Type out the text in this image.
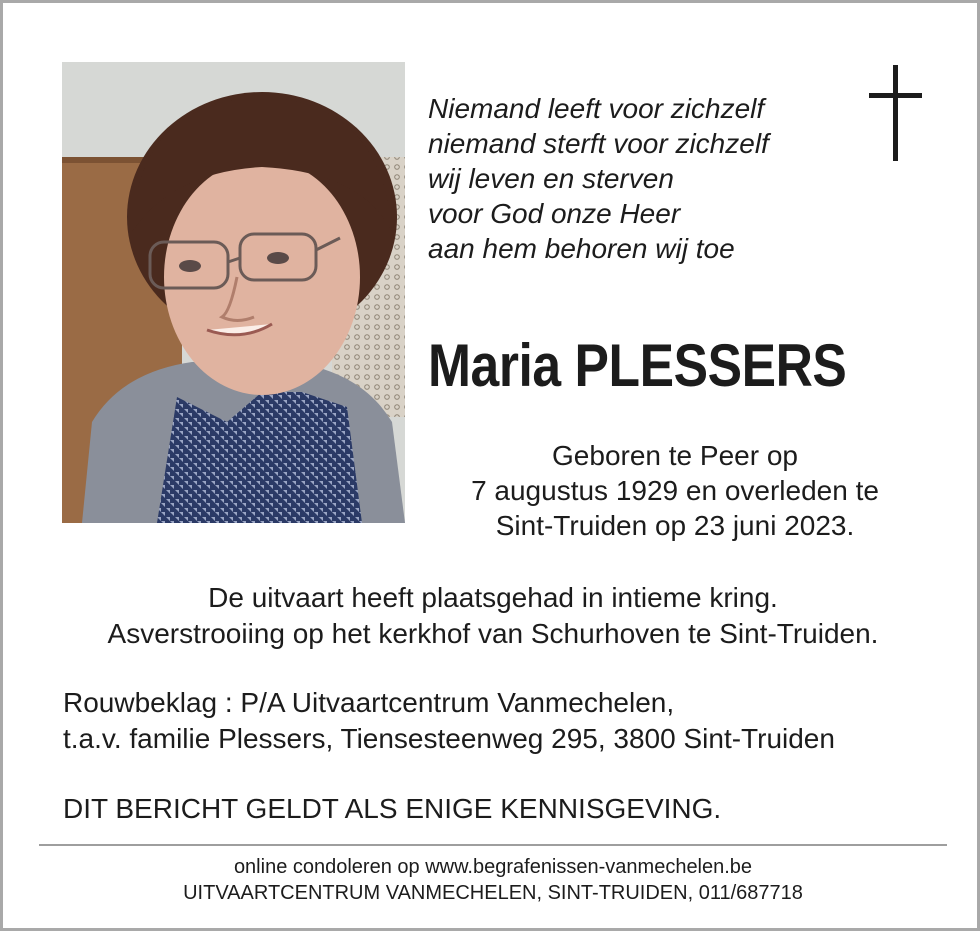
Niemand leeft voor zichzelf
niemand sterft voor zichzelf
wij leven en sterven
voor God onze Heer
aan hem behoren wij toe
Maria PLESSERS
Geboren te Peer op
7 augustus 1929 en overleden te
Sint-Truiden op 23 juni 2023.
De uitvaart heeft plaatsgehad in intieme kring.
Asverstrooiing op het kerkhof van Schurhoven te Sint-Truiden.
Rouwbeklag : P/A Uitvaartcentrum Vanmechelen,
t.a.v. familie Plessers, Tiensesteenweg 295, 3800 Sint-Truiden
DIT BERICHT GELDT ALS ENIGE KENNISGEVING.
online condoleren op www.begrafenissen-vanmechelen.be
UITVAARTCENTRUM VANMECHELEN, SINT-TRUIDEN, 011/687718
